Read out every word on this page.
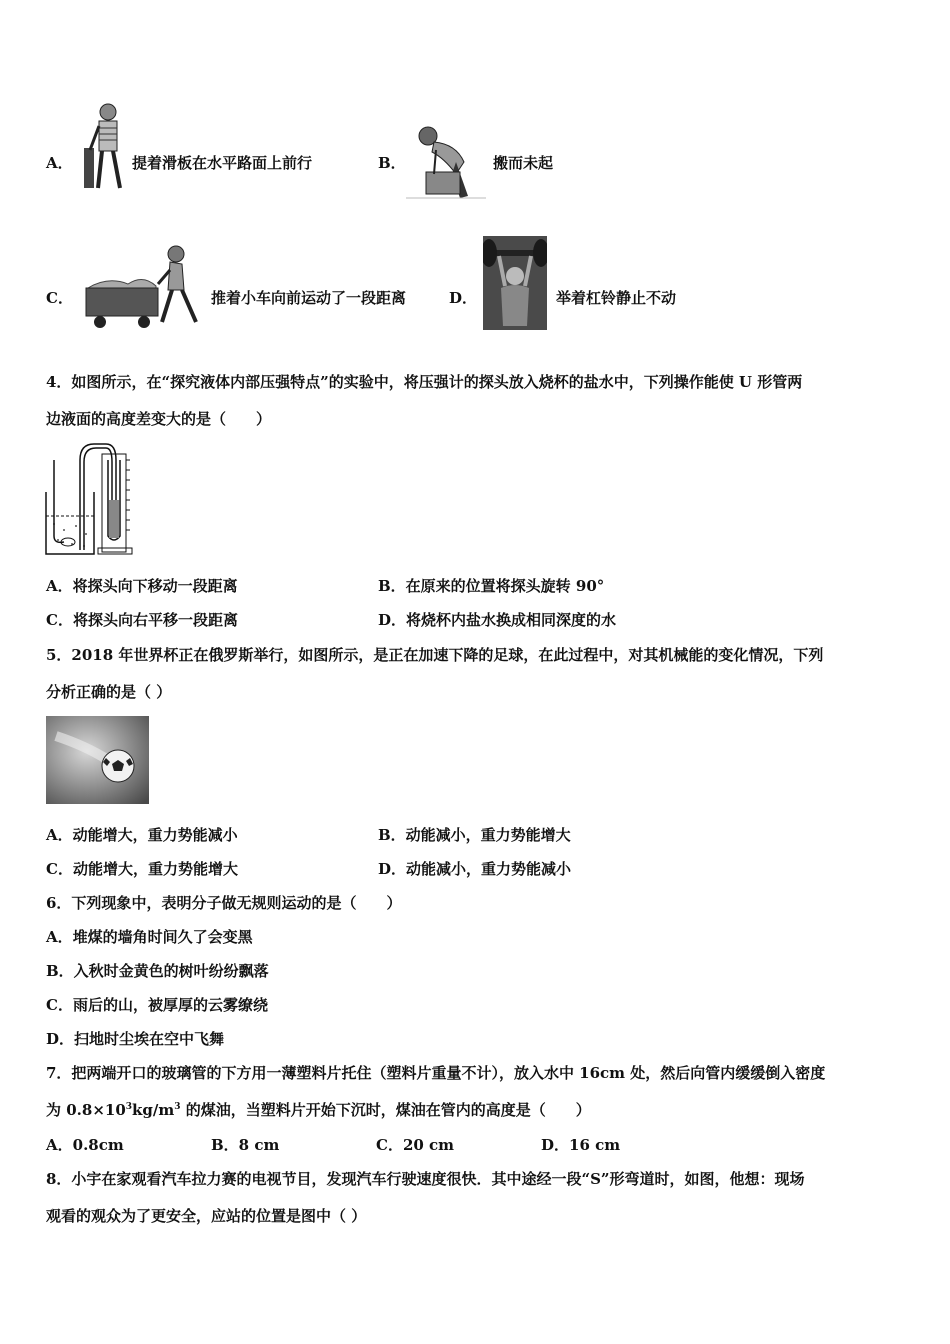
A．	提着滑板在水平路面上前行	B．	搬而未起
C．	推着小车向前运动了一段距离	D．	举着杠铃静止不动
4．如图所示，在“探究液体内部压强特点”的实验中，将压强计的探头放入烧杯的盐水中，下列操作能使 U 形管两
边液面的高度差变大的是（　　）
A．将探头向下移动一段距离	B．在原来的位置将探头旋转 90°
C．将探头向右平移一段距离	D．将烧杯内盐水换成相同深度的水
5．2018 年世界杯正在俄罗斯举行，如图所示，是正在加速下降的足球，在此过程中，对其机械能的变化情况，下列
分析正确的是（ ）
A．动能增大，重力势能减小	B．动能减小，重力势能增大
C．动能增大，重力势能增大	D．动能减小，重力势能减小
6．下列现象中，表明分子做无规则运动的是（　　）
A．堆煤的墙角时间久了会变黑
B．入秋时金黄色的树叶纷纷飘落
C．雨后的山，被厚厚的云雾缭绕
D．扫地时尘埃在空中飞舞
7．把两端开口的玻璃管的下方用一薄塑料片托住（塑料片重量不计），放入水中 16cm 处，然后向管内缓缓倒入密度
为 $0.8\times 10^3kg/m^3$ 的煤油，当塑料片开始下沉时，煤油在管内的高度是（　　）
A．0.8cm	B．8 cm	C．20 cm	D．16 cm
8．小宇在家观看汽车拉力赛的电视节目，发现汽车行驶速度很快．其中途经一段“S”形弯道时，如图，他想：现场
观看的观众为了更安全，应站的位置是图中（ ）
